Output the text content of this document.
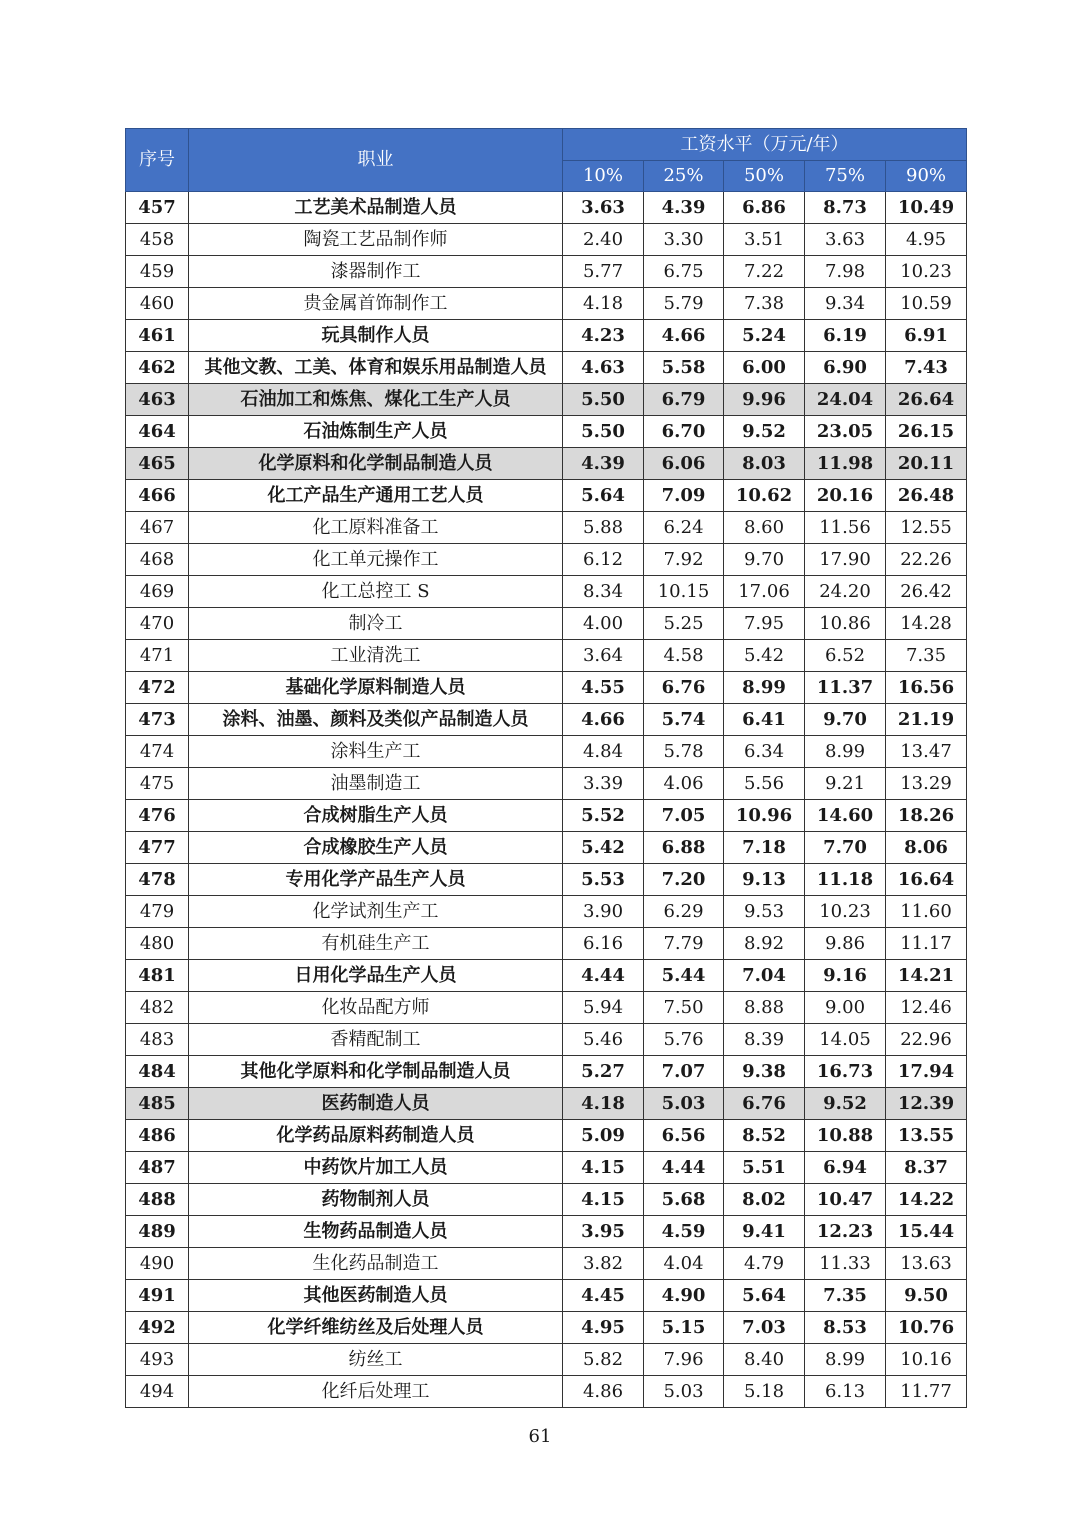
序号	职业	工资水平（万元/年）				
		10%	25%	50%	75%	90%
457	工艺美术品制造人员	3.63	4.39	6.86	8.73	10.49
458	陶瓷工艺品制作师	2.40	3.30	3.51	3.63	4.95
459	漆器制作工	5.77	6.75	7.22	7.98	10.23
460	贵金属首饰制作工	4.18	5.79	7.38	9.34	10.59
461	玩具制作人员	4.23	4.66	5.24	6.19	6.91
462	其他文教、工美、体育和娱乐用品制造人员	4.63	5.58	6.00	6.90	7.43
463	石油加工和炼焦、煤化工生产人员	5.50	6.79	9.96	24.04	26.64
464	石油炼制生产人员	5.50	6.70	9.52	23.05	26.15
465	化学原料和化学制品制造人员	4.39	6.06	8.03	11.98	20.11
466	化工产品生产通用工艺人员	5.64	7.09	10.62	20.16	26.48
467	化工原料准备工	5.88	6.24	8.60	11.56	12.55
468	化工单元操作工	6.12	7.92	9.70	17.90	22.26
469	化工总控工 S	8.34	10.15	17.06	24.20	26.42
470	制冷工	4.00	5.25	7.95	10.86	14.28
471	工业清洗工	3.64	4.58	5.42	6.52	7.35
472	基础化学原料制造人员	4.55	6.76	8.99	11.37	16.56
473	涂料、油墨、颜料及类似产品制造人员	4.66	5.74	6.41	9.70	21.19
474	涂料生产工	4.84	5.78	6.34	8.99	13.47
475	油墨制造工	3.39	4.06	5.56	9.21	13.29
476	合成树脂生产人员	5.52	7.05	10.96	14.60	18.26
477	合成橡胶生产人员	5.42	6.88	7.18	7.70	8.06
478	专用化学产品生产人员	5.53	7.20	9.13	11.18	16.64
479	化学试剂生产工	3.90	6.29	9.53	10.23	11.60
480	有机硅生产工	6.16	7.79	8.92	9.86	11.17
481	日用化学品生产人员	4.44	5.44	7.04	9.16	14.21
482	化妆品配方师	5.94	7.50	8.88	9.00	12.46
483	香精配制工	5.46	5.76	8.39	14.05	22.96
484	其他化学原料和化学制品制造人员	5.27	7.07	9.38	16.73	17.94
485	医药制造人员	4.18	5.03	6.76	9.52	12.39
486	化学药品原料药制造人员	5.09	6.56	8.52	10.88	13.55
487	中药饮片加工人员	4.15	4.44	5.51	6.94	8.37
488	药物制剂人员	4.15	5.68	8.02	10.47	14.22
489	生物药品制造人员	3.95	4.59	9.41	12.23	15.44
490	生化药品制造工	3.82	4.04	4.79	11.33	13.63
491	其他医药制造人员	4.45	4.90	5.64	7.35	9.50
492	化学纤维纺丝及后处理人员	4.95	5.15	7.03	8.53	10.76
493	纺丝工	5.82	7.96	8.40	8.99	10.16
494	化纤后处理工	4.86	5.03	5.18	6.13	11.77
61
